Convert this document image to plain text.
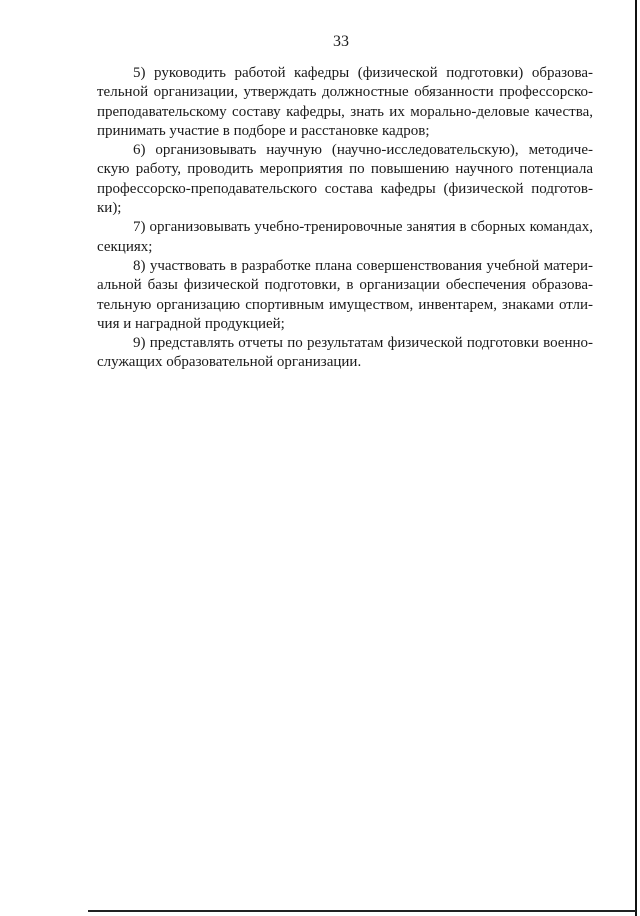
33

5) руководить работой кафедры (физической подготовки) образовательной организации, утверждать должностные обязанности профессорско-преподавательскому составу кафедры, знать их морально-деловые качества, принимать участие в подборе и расстановке кадров;

6) организовывать научную (научно-исследовательскую), методическую работу, проводить мероприятия по повышению научного потенциала профессорско-преподавательского состава кафедры (физической подготовки);

7) организовывать учебно-тренировочные занятия в сборных командах, секциях;

8) участвовать в разработке плана совершенствования учебной материальной базы физической подготовки, в организации обеспечения образовательную организацию спортивным имуществом, инвентарем, знаками отличия и наградной продукцией;

9) представлять отчеты по результатам физической подготовки военнослужащих образовательной организации.
